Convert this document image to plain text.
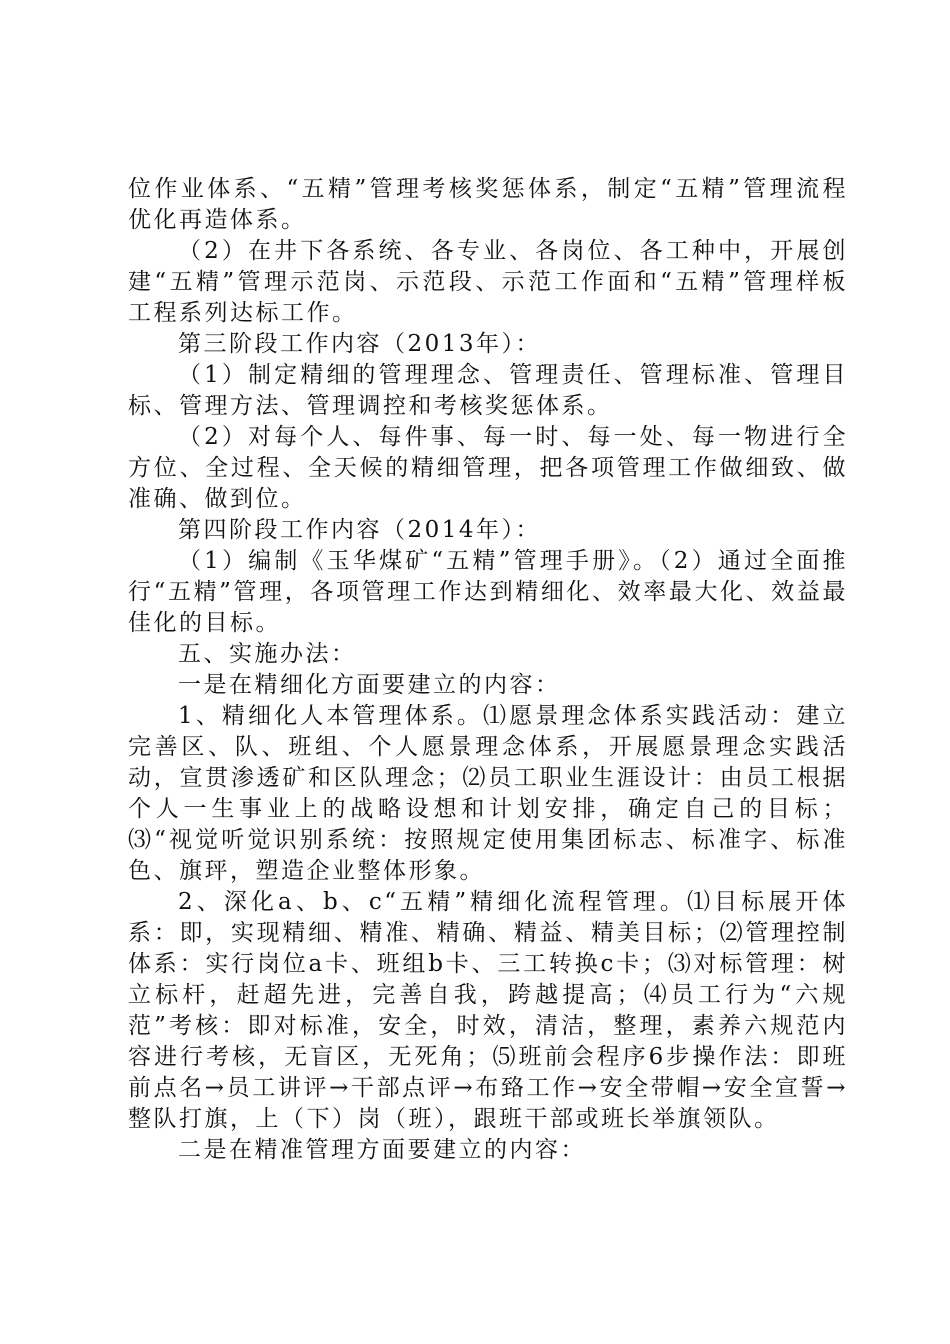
位作业体系、“五精”管理考核奖惩体系，制定“五精”管理流程优化再造体系。

（2）在井下各系统、各专业、各岗位、各工种中，开展创建“五精”管理示范岗、示范段、示范工作面和“五精”管理样板工程系列达标工作。

第三阶段工作内容（2013年）：

（1）制定精细的管理理念、管理责任、管理标准、管理目标、管理方法、管理调控和考核奖惩体系。

（2）对每个人、每件事、每一时、每一处、每一物进行全方位、全过程、全天候的精细管理，把各项管理工作做细致、做准确、做到位。

第四阶段工作内容（2014年）：

（1）编制《玉华煤矿“五精”管理手册》。（2）通过全面推行“五精”管理，各项管理工作达到精细化、效率最大化、效益最佳化的目标。

五、实施办法：

一是在精细化方面要建立的内容：

1、精细化人本管理体系。⑴愿景理念体系实践活动：建立完善区、队、班组、个人愿景理念体系，开展愿景理念实践活动，宣贯渗透矿和区队理念；⑵员工职业生涯设计：由员工根据个人一生事业上的战略设想和计划安排，确定自己的目标；⑶“视觉听觉识别系统：按照规定使用集团标志、标准字、标准色、旗玶，塑造企业整体形象。

2、深化a、b、c“五精”精细化流程管理。⑴目标展开体系：即，实现精细、精准、精确、精益、精美目标；⑵管理控制体系：实行岗位a卡、班组b卡、三工转换c卡；⑶对标管理：树立标杆，赶超先进，完善自我，跨越提高；⑷员工行为“六规范”考核：即对标准，安全，时效，清洁，整理，素养六规范内容进行考核，无盲区，无死角；⑸班前会程序6步操作法：即班前点名→员工讲评→干部点评→布臵工作→安全带帽→安全宣誓→整队打旗，上（下）岗（班），跟班干部或班长举旗领队。

二是在精准管理方面要建立的内容：
